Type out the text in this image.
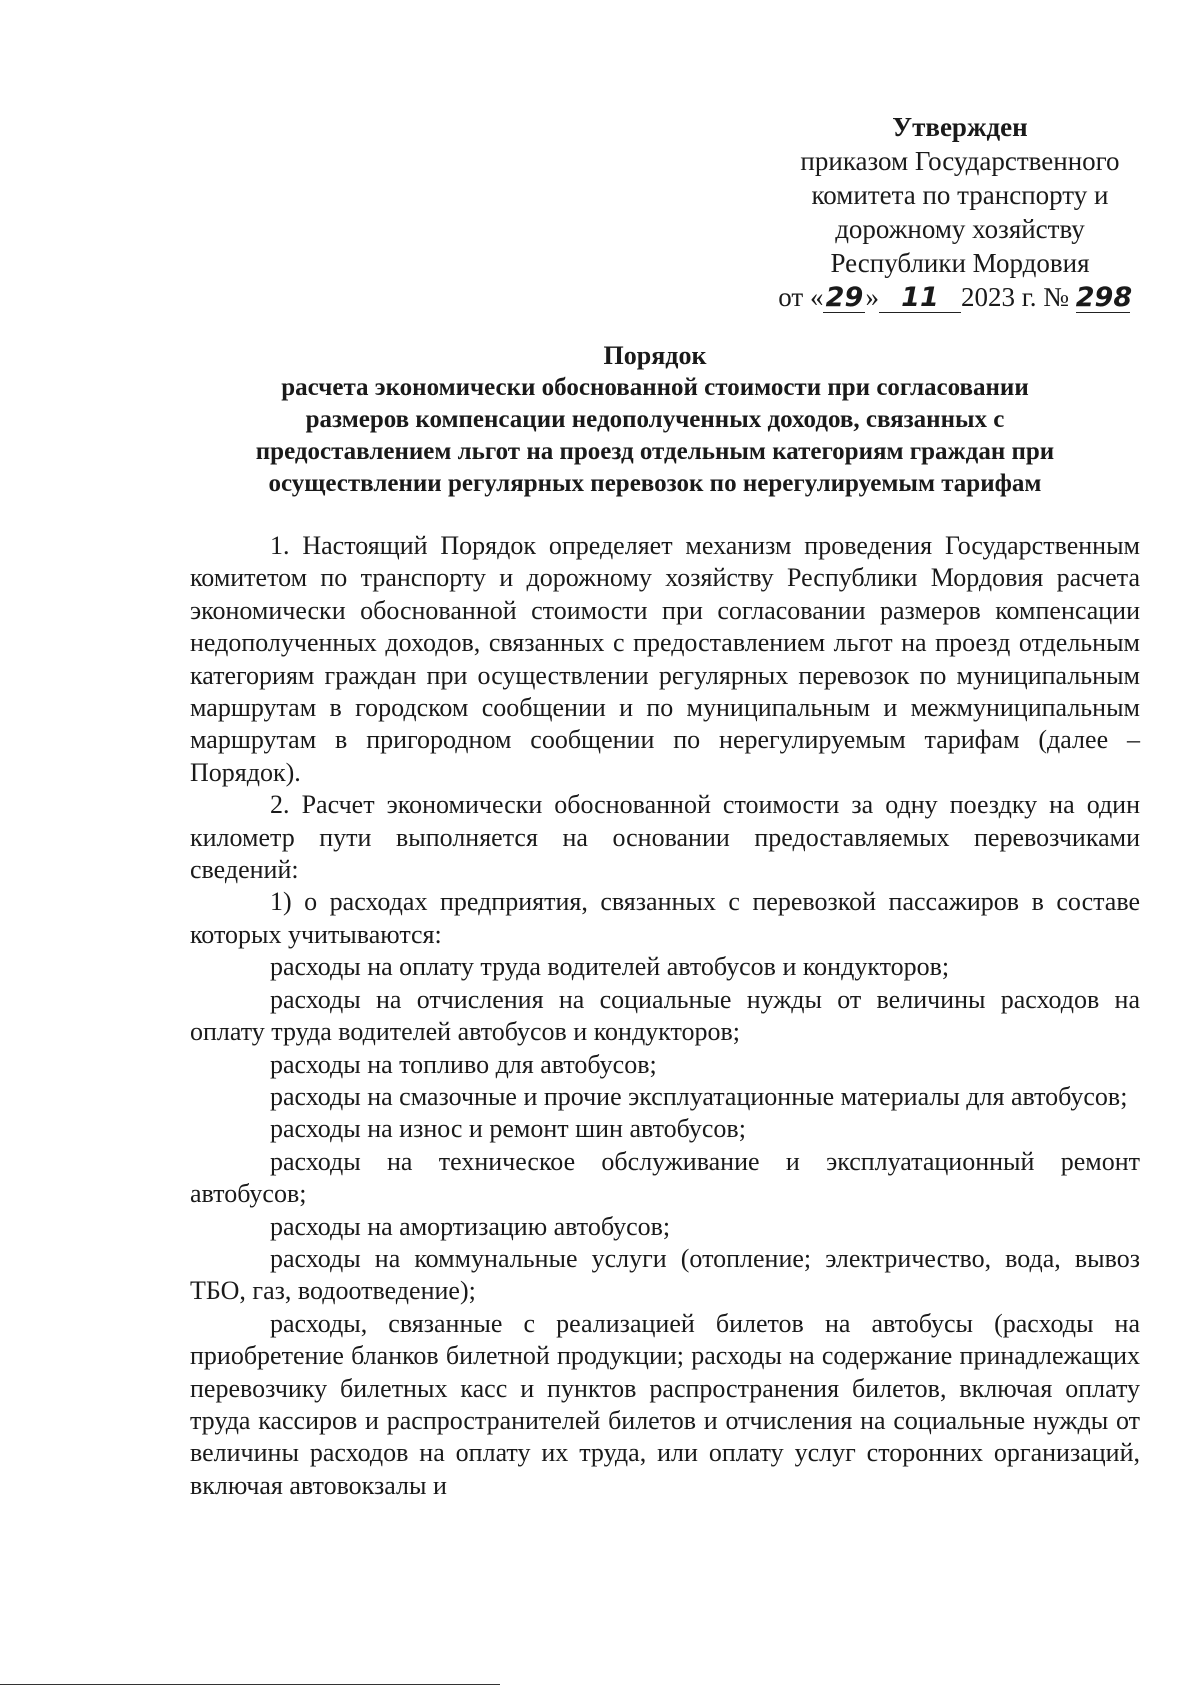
Утвержден
приказом Государственного
комитета по транспорту и
дорожному хозяйству
Республики Мордовия
от «29» 11 2023 г. № 298
Порядок
расчета экономически обоснованной стоимости при согласовании
размеров компенсации недополученных доходов, связанных с
предоставлением льгот на проезд отдельным категориям граждан при
осуществлении регулярных перевозок по нерегулируемым тарифам

1. Настоящий Порядок определяет механизм проведения Государственным комитетом по транспорту и дорожному хозяйству Республики Мордовия расчета экономически обоснованной стоимости при согласовании размеров компенсации недополученных доходов, связанных с предоставлением льгот на проезд отдельным категориям граждан при осуществлении регулярных перевозок по муниципальным маршрутам в городском сообщении и по муниципальным и межмуниципальным маршрутам в пригородном сообщении по нерегулируемым тарифам (далее – Порядок).

2. Расчет экономически обоснованной стоимости за одну поездку на один километр пути выполняется на основании предоставляемых перевозчиками сведений:

1) о расходах предприятия, связанных с перевозкой пассажиров в составе которых учитываются:

расходы на оплату труда водителей автобусов и кондукторов;

расходы на отчисления на социальные нужды от величины расходов на оплату труда водителей автобусов и кондукторов;

расходы на топливо для автобусов;

расходы на смазочные и прочие эксплуатационные материалы для автобусов;

расходы на износ и ремонт шин автобусов;

расходы на техническое обслуживание и эксплуатационный ремонт автобусов;

расходы на амортизацию автобусов;

расходы на коммунальные услуги (отопление; электричество, вода, вывоз ТБО, газ, водоотведение);

расходы, связанные с реализацией билетов на автобусы (расходы на приобретение бланков билетной продукции; расходы на содержание принадлежащих перевозчику билетных касс и пунктов распространения билетов, включая оплату труда кассиров и распространителей билетов и отчисления на социальные нужды от величины расходов на оплату их труда, или оплату услуг сторонних организаций, включая автовокзалы и
